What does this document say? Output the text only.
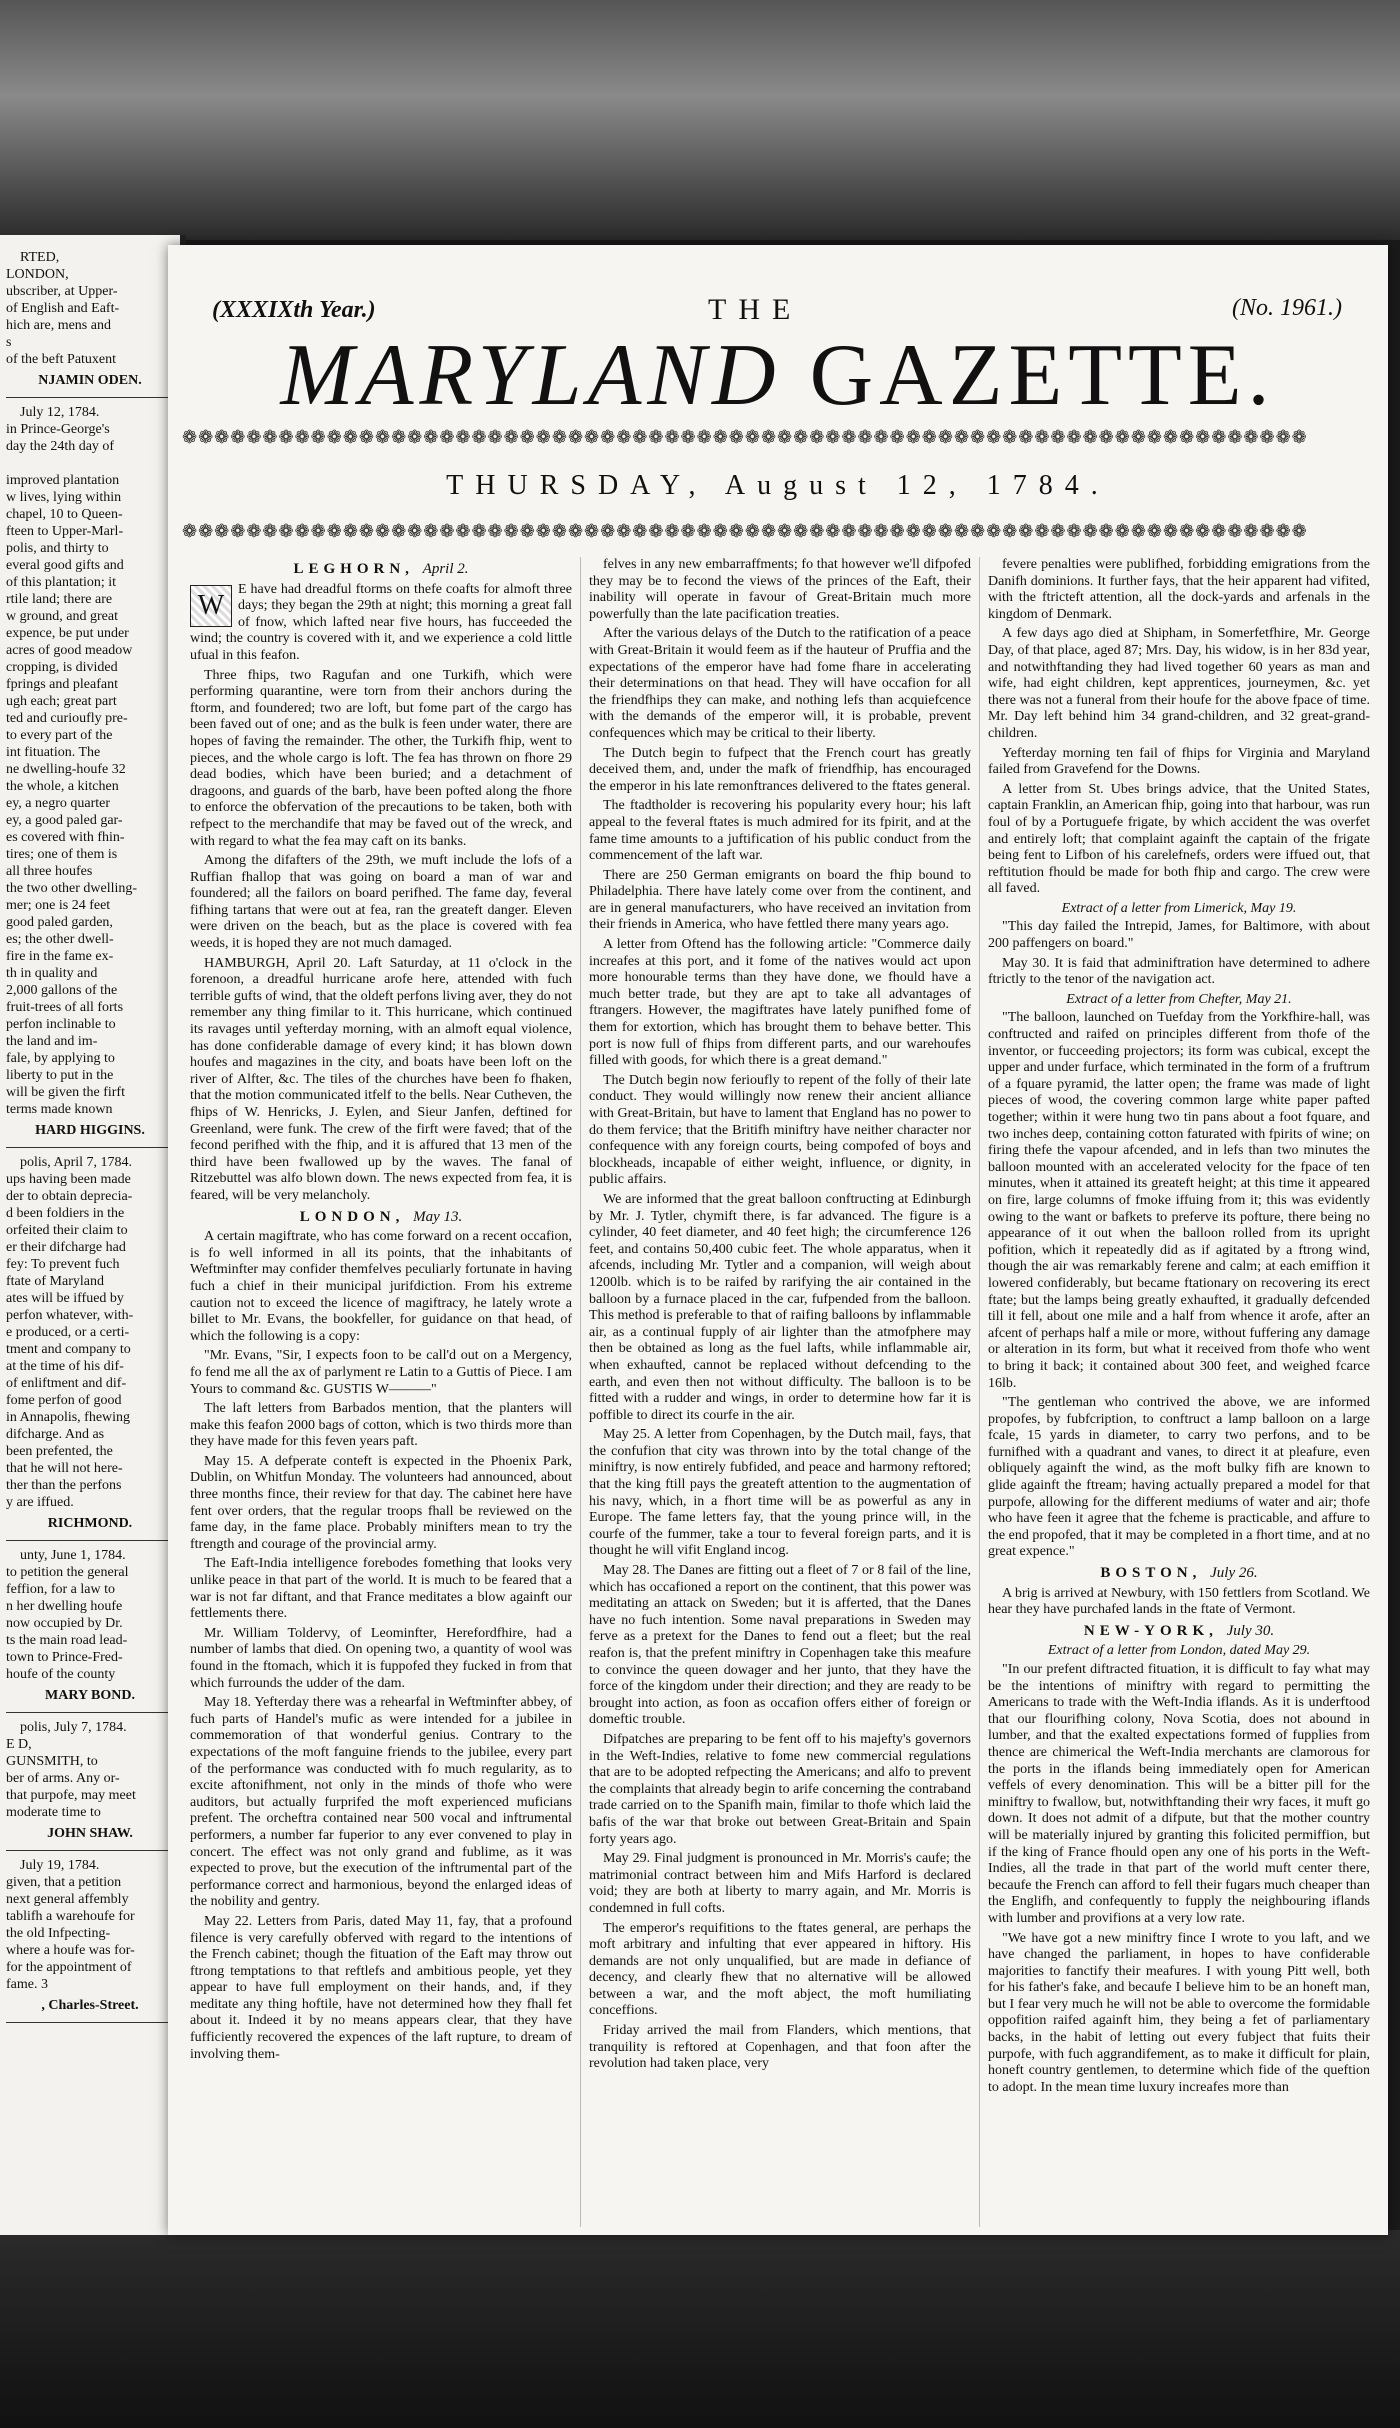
RTED,
LONDON,
ubscriber, at Upper-
of English and Eaft-
hich are, mens and
s
of the beft Patuxent

NJAMIN ODEN.

July 12, 1784.
in Prince-George's
day the 24th day of

improved plantation
w lives, lying within
chapel, 10 to Queen-
fteen to Upper-Marl-
polis, and thirty to
everal good gifts and
of this plantation; it
rtile land; there are
w ground, and great
expence, be put under
acres of good meadow
cropping, is divided
fprings and pleafant
ugh each; great part
ted and curioufly pre-
to every part of the
int fituation. The
ne dwelling-houfe 32
the whole, a kitchen
ey, a negro quarter
ey, a good paled gar-
es covered with fhin-
tires; one of them is
all three houfes
the two other dwelling-
mer; one is 24 feet
good paled garden,
es; the other dwell-
fire in the fame ex-
th in quality and
2,000 gallons of the
fruit-trees of all forts
perfon inclinable to
the land and im-
fale, by applying to
liberty to put in the
will be given the firft
terms made known

HARD HIGGINS.

polis, April 7, 1784.
ups having been made
der to obtain deprecia-
d been foldiers in the
orfeited their claim to
er their difcharge had
fey: To prevent fuch
ftate of Maryland
ates will be iffued by
perfon whatever, with-
e produced, or a certi-
tment and company to
at the time of his dif-
of enliftment and dif-
fome perfon of good
in Annapolis, fhewing
difcharge. And as
been prefented, the
that he will not here-
ther than the perfons
y are iffued.

RICHMOND.

unty, June 1, 1784.
to petition the general
feffion, for a law to
n her dwelling houfe
now occupied by Dr.
ts the main road lead-
town to Prince-Fred-
houfe of the county

MARY BOND.

polis, July 7, 1784.
E D,
GUNSMITH, to
ber of arms. Any or-
that purpofe, may meet
moderate time to

JOHN SHAW.

July 19, 1784.
given, that a petition
next general affembly
tablifh a warehoufe for
the old Infpecting-
where a houfe was for-
for the appointment of
fame. 3

, Charles-Street.
(XXXIXth Year.)	THE	(No. 1961.)
MARYLAND GAZETTE.
❁❁❁❁❁❁❁❁❁❁❁❁❁❁❁❁❁❁❁❁❁❁❁❁❁❁❁❁❁❁❁❁❁❁❁❁❁❁❁❁❁❁❁❁❁❁❁❁❁❁❁❁❁❁❁❁❁❁❁❁❁❁❁❁❁❁❁❁❁❁
THURSDAY, August 12, 1784.
❁❁❁❁❁❁❁❁❁❁❁❁❁❁❁❁❁❁❁❁❁❁❁❁❁❁❁❁❁❁❁❁❁❁❁❁❁❁❁❁❁❁❁❁❁❁❁❁❁❁❁❁❁❁❁❁❁❁❁❁❁❁❁❁❁❁❁❁❁❁
LEGHORN, April 2.

W
E have had dreadful ftorms on thefe coafts for almoft three days; they began the 29th at night; this morning a great fall of fnow, which lafted near five hours, has fucceeded the wind; the country is covered with it, and we experience a cold little ufual in this feafon.

Three fhips, two Ragufan and one Turkifh, which were performing quarantine, were torn from their anchors during the ftorm, and foundered; two are loft, but fome part of the cargo has been faved out of one; and as the bulk is feen under water, there are hopes of faving the remainder. The other, the Turkifh fhip, went to pieces, and the whole cargo is loft. The fea has thrown on fhore 29 dead bodies, which have been buried; and a detachment of dragoons, and guards of the barb, have been pofted along the fhore to enforce the obfervation of the precautions to be taken, both with refpect to the merchandife that may be faved out of the wreck, and with regard to what the fea may caft on its banks.

Among the difafters of the 29th, we muft include the lofs of a Ruffian fhallop that was going on board a man of war and foundered; all the failors on board perifhed. The fame day, feveral fifhing tartans that were out at fea, ran the greateft danger. Eleven were driven on the beach, but as the place is covered with fea weeds, it is hoped they are not much damaged.

HAMBURGH, April 20. Laft Saturday, at 11 o'clock in the forenoon, a dreadful hurricane arofe here, attended with fuch terrible gufts of wind, that the oldeft perfons living aver, they do not remember any thing fimilar to it. This hurricane, which continued its ravages until yefterday morning, with an almoft equal violence, has done confiderable damage of every kind; it has blown down houfes and magazines in the city, and boats have been loft on the river of Alfter, &c. The tiles of the churches have been fo fhaken, that the motion communicated itfelf to the bells. Near Cutheven, the fhips of W. Henricks, J. Eylen, and Sieur Janfen, deftined for Greenland, were funk. The crew of the firft were faved; that of the fecond perifhed with the fhip, and it is affured that 13 men of the third have been fwallowed up by the waves. The fanal of Ritzebuttel was alfo blown down. The news expected from fea, it is feared, will be very melancholy.

LONDON, May 13.

A certain magiftrate, who has come forward on a recent occafion, is fo well informed in all its points, that the inhabitants of Weftminfter may confider themfelves peculiarly fortunate in having fuch a chief in their municipal jurifdiction. From his extreme caution not to exceed the licence of magiftracy, he lately wrote a billet to Mr. Evans, the bookfeller, for guidance on that head, of which the following is a copy:

"Mr. Evans, "Sir, I expects foon to be call'd out on a Mergency, fo fend me all the ax of parlyment re Latin to a Guttis of Piece. I am Yours to command &c. GUSTIS W———"

The laft letters from Barbados mention, that the planters will make this feafon 2000 bags of cotton, which is two thirds more than they have made for this feven years paft.

May 15. A defperate conteft is expected in the Phoenix Park, Dublin, on Whitfun Monday. The volunteers had announced, about three months fince, their review for that day. The cabinet here have fent over orders, that the regular troops fhall be reviewed on the fame day, in the fame place. Probably minifters mean to try the ftrength and courage of the provincial army.

The Eaft-India intelligence forebodes fomething that looks very unlike peace in that part of the world. It is much to be feared that a war is not far diftant, and that France meditates a blow againft our fettlements there.

Mr. William Toldervy, of Leominfter, Herefordfhire, had a number of lambs that died. On opening two, a quantity of wool was found in the ftomach, which it is fuppofed they fucked in from that which furrounds the udder of the dam.

May 18. Yefterday there was a rehearfal in Weftminfter abbey, of fuch parts of Handel's mufic as were intended for a jubilee in commemoration of that wonderful genius. Contrary to the expectations of the moft fanguine friends to the jubilee, every part of the performance was conducted with fo much regularity, as to excite aftonifhment, not only in the minds of thofe who were auditors, but actually furprifed the moft experienced muficians prefent. The orcheftra contained near 500 vocal and inftrumental performers, a number far fuperior to any ever convened to play in concert. The effect was not only grand and fublime, as it was expected to prove, but the execution of the inftrumental part of the performance correct and harmonious, beyond the enlarged ideas of the nobility and gentry.

May 22. Letters from Paris, dated May 11, fay, that a profound filence is very carefully obferved with regard to the intentions of the French cabinet; though the fituation of the Eaft may throw out ftrong temptations to that reftlefs and ambitious people, yet they appear to have full employment on their hands, and, if they meditate any thing hoftile, have not determined how they fhall fet about it. Indeed it by no means appears clear, that they have fufficiently recovered the expences of the laft rupture, to dream of involving them-

felves in any new embarraffments; fo that however we'll difpofed they may be to fecond the views of the princes of the Eaft, their inability will operate in favour of Great-Britain much more powerfully than the late pacification treaties.

After the various delays of the Dutch to the ratification of a peace with Great-Britain it would feem as if the hauteur of Pruffia and the expectations of the emperor have had fome fhare in accelerating their determinations on that head. They will have occafion for all the friendfhips they can make, and nothing lefs than acquiefcence with the demands of the emperor will, it is probable, prevent confequences which may be critical to their liberty.

The Dutch begin to fufpect that the French court has greatly deceived them, and, under the mafk of friendfhip, has encouraged the emperor in his late remonftrances delivered to the ftates general.

The ftadtholder is recovering his popularity every hour; his laft appeal to the feveral ftates is much admired for its fpirit, and at the fame time amounts to a juftification of his public conduct from the commencement of the laft war.

There are 250 German emigrants on board the fhip bound to Philadelphia. There have lately come over from the continent, and are in general manufacturers, who have received an invitation from their friends in America, who have fettled there many years ago.

A letter from Oftend has the following article: "Commerce daily increafes at this port, and it fome of the natives would act upon more honourable terms than they have done, we fhould have a much better trade, but they are apt to take all advantages of ftrangers. However, the magiftrates have lately punifhed fome of them for extortion, which has brought them to behave better. This port is now full of fhips from different parts, and our warehoufes filled with goods, for which there is a great demand."

The Dutch begin now ferioufly to repent of the folly of their late conduct. They would willingly now renew their ancient alliance with Great-Britain, but have to lament that England has no power to do them fervice; that the Britifh miniftry have neither character nor confequence with any foreign courts, being compofed of boys and blockheads, incapable of either weight, influence, or dignity, in public affairs.

We are informed that the great balloon conftructing at Edinburgh by Mr. J. Tytler, chymift there, is far advanced. The figure is a cylinder, 40 feet diameter, and 40 feet high; the circumference 126 feet, and contains 50,400 cubic feet. The whole apparatus, when it afcends, including Mr. Tytler and a companion, will weigh about 1200lb. which is to be raifed by rarifying the air contained in the balloon by a furnace placed in the car, fufpended from the balloon. This method is preferable to that of raifing balloons by inflammable air, as a continual fupply of air lighter than the atmofphere may then be obtained as long as the fuel lafts, while inflammable air, when exhaufted, cannot be replaced without defcending to the earth, and even then not without difficulty. The balloon is to be fitted with a rudder and wings, in order to determine how far it is poffible to direct its courfe in the air.

May 25. A letter from Copenhagen, by the Dutch mail, fays, that the confufion that city was thrown into by the total change of the miniftry, is now entirely fubfided, and peace and harmony reftored; that the king ftill pays the greateft attention to the augmentation of his navy, which, in a fhort time will be as powerful as any in Europe. The fame letters fay, that the young prince will, in the courfe of the fummer, take a tour to feveral foreign parts, and it is thought he will vifit England incog.

May 28. The Danes are fitting out a fleet of 7 or 8 fail of the line, which has occafioned a report on the continent, that this power was meditating an attack on Sweden; but it is afferted, that the Danes have no fuch intention. Some naval preparations in Sweden may ferve as a pretext for the Danes to fend out a fleet; but the real reafon is, that the prefent miniftry in Copenhagen take this meafure to convince the queen dowager and her junto, that they have the force of the kingdom under their direction; and they are ready to be brought into action, as foon as occafion offers either of foreign or domeftic trouble.

Difpatches are preparing to be fent off to his majefty's governors in the Weft-Indies, relative to fome new commercial regulations that are to be adopted refpecting the Americans; and alfo to prevent the complaints that already begin to arife concerning the contraband trade carried on to the Spanifh main, fimilar to thofe which laid the bafis of the war that broke out between Great-Britain and Spain forty years ago.

May 29. Final judgment is pronounced in Mr. Morris's caufe; the matrimonial contract between him and Mifs Harford is declared void; they are both at liberty to marry again, and Mr. Morris is condemned in full cofts.

The emperor's requifitions to the ftates general, are perhaps the moft arbitrary and infulting that ever appeared in hiftory. His demands are not only unqualified, but are made in defiance of decency, and clearly fhew that no alternative will be allowed between a war, and the moft abject, the moft humiliating conceffions.

Friday arrived the mail from Flanders, which mentions, that tranquility is reftored at Copenhagen, and that foon after the revolution had taken place, very

fevere penalties were publifhed, forbidding emigrations from the Danifh dominions. It further fays, that the heir apparent had vifited, with the ftricteft attention, all the dock-yards and arfenals in the kingdom of Denmark.

A few days ago died at Shipham, in Somerfetfhire, Mr. George Day, of that place, aged 87; Mrs. Day, his widow, is in her 83d year, and notwithftanding they had lived together 60 years as man and wife, had eight children, kept apprentices, journeymen, &c. yet there was not a funeral from their houfe for the above fpace of time. Mr. Day left behind him 34 grand-children, and 32 great-grand-children.

Yefterday morning ten fail of fhips for Virginia and Maryland failed from Gravefend for the Downs.

A letter from St. Ubes brings advice, that the United States, captain Franklin, an American fhip, going into that harbour, was run foul of by a Portuguefe frigate, by which accident the was overfet and entirely loft; that complaint againft the captain of the frigate being fent to Lifbon of his carelefnefs, orders were iffued out, that reftitution fhould be made for both fhip and cargo. The crew were all faved.

Extract of a letter from Limerick, May 19.

"This day failed the Intrepid, James, for Baltimore, with about 200 paffengers on board."

May 30. It is faid that adminiftration have determined to adhere ftrictly to the tenor of the navigation act.

Extract of a letter from Chefter, May 21.

"The balloon, launched on Tuefday from the Yorkfhire-hall, was conftructed and raifed on principles different from thofe of the inventor, or fucceeding projectors; its form was cubical, except the upper and under furface, which terminated in the form of a fruftrum of a fquare pyramid, the latter open; the frame was made of light pieces of wood, the covering common large white paper pafted together; within it were hung two tin pans about a foot fquare, and two inches deep, containing cotton faturated with fpirits of wine; on firing thefe the vapour afcended, and in lefs than two minutes the balloon mounted with an accelerated velocity for the fpace of ten minutes, when it attained its greateft height; at this time it appeared on fire, large columns of fmoke iffuing from it; this was evidently owing to the want or bafkets to preferve its pofture, there being no appearance of it out when the balloon rolled from its upright pofition, which it repeatedly did as if agitated by a ftrong wind, though the air was remarkably ferene and calm; at each emiffion it lowered confiderably, but became ftationary on recovering its erect ftate; but the lamps being greatly exhaufted, it gradually defcended till it fell, about one mile and a half from whence it arofe, after an afcent of perhaps half a mile or more, without fuffering any damage or alteration in its form, but what it received from thofe who went to bring it back; it contained about 300 feet, and weighed fcarce 16lb.

"The gentleman who contrived the above, we are informed propofes, by fubfcription, to conftruct a lamp balloon on a large fcale, 15 yards in diameter, to carry two perfons, and to be furnifhed with a quadrant and vanes, to direct it at pleafure, even obliquely againft the wind, as the moft bulky fifh are known to glide againft the ftream; having actually prepared a model for that purpofe, allowing for the different mediums of water and air; thofe who have feen it agree that the fcheme is practicable, and affure to the end propofed, that it may be completed in a fhort time, and at no great expence."

BOSTON, July 26.

A brig is arrived at Newbury, with 150 fettlers from Scotland. We hear they have purchafed lands in the ftate of Vermont.

NEW-YORK, July 30.
Extract of a letter from London, dated May 29.

"In our prefent diftracted fituation, it is difficult to fay what may be the intentions of miniftry with regard to permitting the Americans to trade with the Weft-India iflands. As it is underftood that our flourifhing colony, Nova Scotia, does not abound in lumber, and that the exalted expectations formed of fupplies from thence are chimerical the Weft-India merchants are clamorous for the ports in the iflands being immediately open for American veffels of every denomination. This will be a bitter pill for the miniftry to fwallow, but, notwithftanding their wry faces, it muft go down. It does not admit of a difpute, but that the mother country will be materially injured by granting this folicited permiffion, but if the king of France fhould open any one of his ports in the Weft-Indies, all the trade in that part of the world muft center there, becaufe the French can afford to fell their fugars much cheaper than the Englifh, and confequently to fupply the neighbouring iflands with lumber and provifions at a very low rate.

"We have got a new miniftry fince I wrote to you laft, and we have changed the parliament, in hopes to have confiderable majorities to fanctify their meafures. I with young Pitt well, both for his father's fake, and becaufe I believe him to be an honeft man, but I fear very much he will not be able to overcome the formidable oppofition raifed againft him, they being a fet of parliamentary backs, in the habit of letting out every fubject that fuits their purpofe, with fuch aggrandifement, as to make it difficult for plain, honeft country gentlemen, to determine which fide of the queftion to adopt. In the mean time luxury increafes more than
